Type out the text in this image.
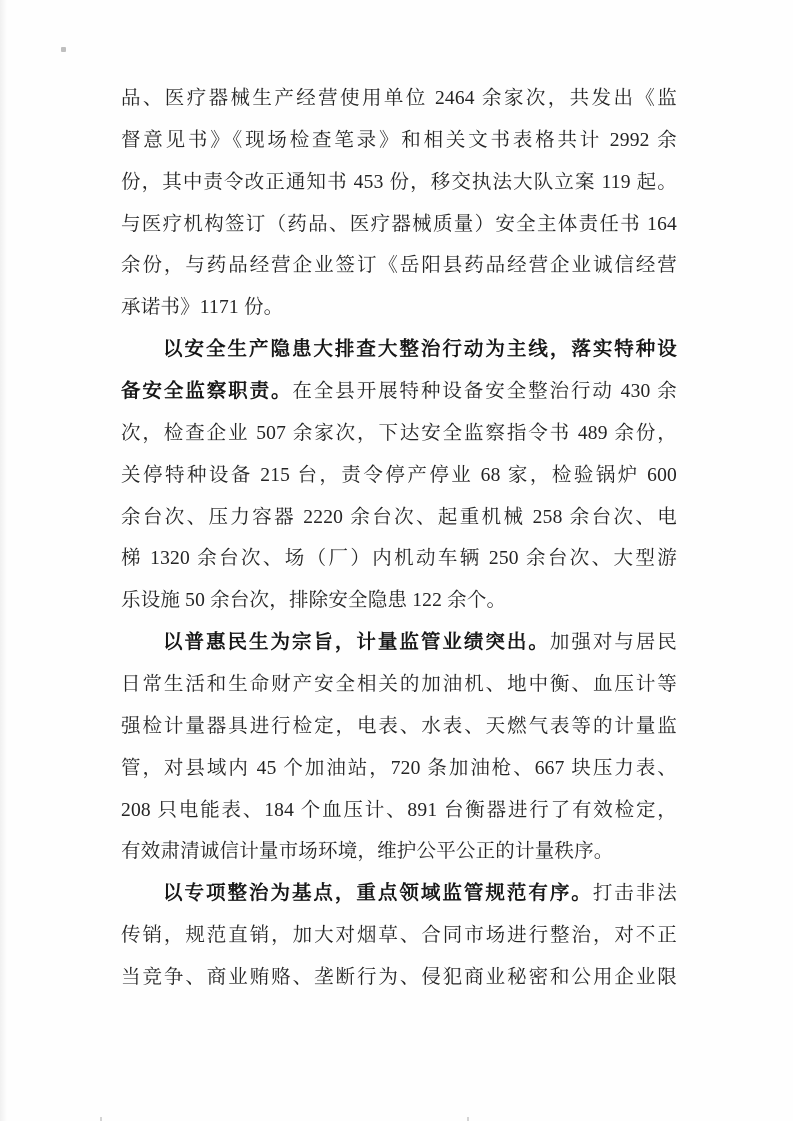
品、医疗器械生产经营使用单位 2464 余家次，共发出《监
督意见书》《现场检查笔录》和相关文书表格共计 2992 余
份，其中责令改正通知书 453 份，移交执法大队立案 119 起。
与医疗机构签订（药品、医疗器械质量）安全主体责任书 164
余份，与药品经营企业签订《岳阳县药品经营企业诚信经营
承诺书》1171 份。
以安全生产隐患大排查大整治行动为主线，落实特种设
备安全监察职责。在全县开展特种设备安全整治行动 430 余
次，检查企业 507 余家次，下达安全监察指令书 489 余份，
关停特种设备 215 台，责令停产停业 68 家，检验锅炉 600
余台次、压力容器 2220 余台次、起重机械 258 余台次、电
梯 1320 余台次、场（厂）内机动车辆 250 余台次、大型游
乐设施 50 余台次，排除安全隐患 122 余个。
以普惠民生为宗旨，计量监管业绩突出。加强对与居民
日常生活和生命财产安全相关的加油机、地中衡、血压计等
强检计量器具进行检定，电表、水表、天燃气表等的计量监
管，对县域内 45 个加油站，720 条加油枪、667 块压力表、
208 只电能表、184 个血压计、891 台衡器进行了有效检定，
有效肃清诚信计量市场环境，维护公平公正的计量秩序。
以专项整治为基点，重点领域监管规范有序。打击非法
传销，规范直销，加大对烟草、合同市场进行整治，对不正
当竞争、商业贿赂、垄断行为、侵犯商业秘密和公用企业限
